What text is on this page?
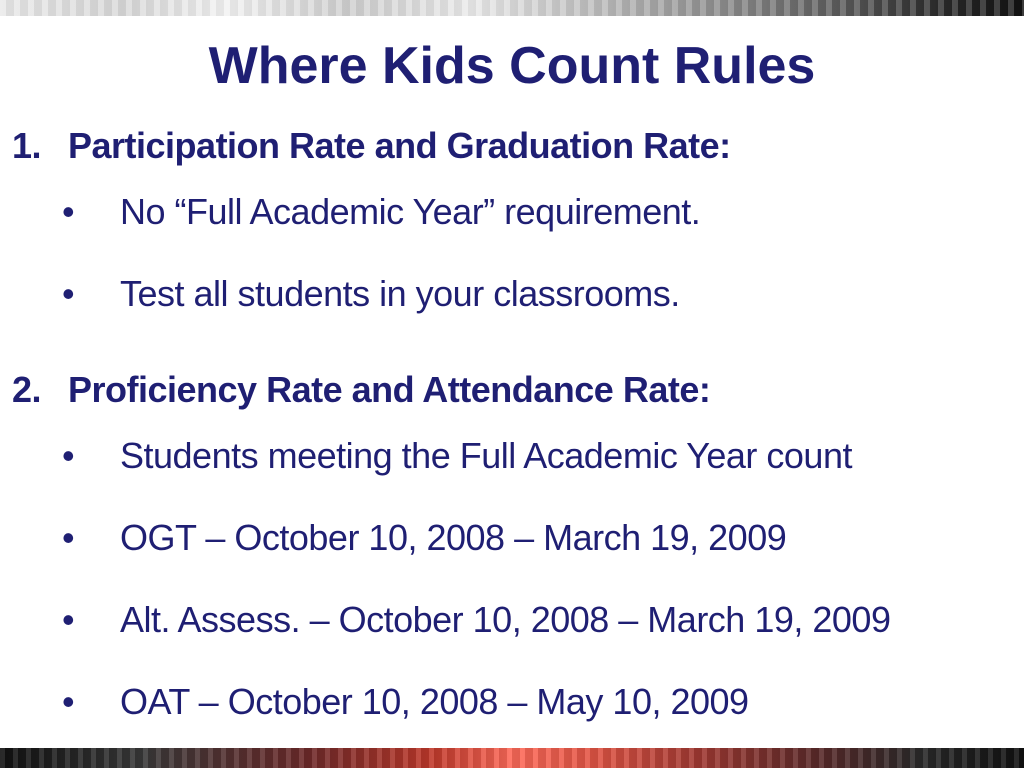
Where Kids Count Rules
1. Participation Rate and Graduation Rate:
• No “Full Academic Year” requirement.
• Test all students in your classrooms.
2. Proficiency Rate and Attendance Rate:
• Students meeting the Full Academic Year count
• OGT – October 10, 2008 – March 19, 2009
• Alt. Assess. – October 10, 2008 – March 19, 2009
• OAT – October 10, 2008 – May 10, 2009
